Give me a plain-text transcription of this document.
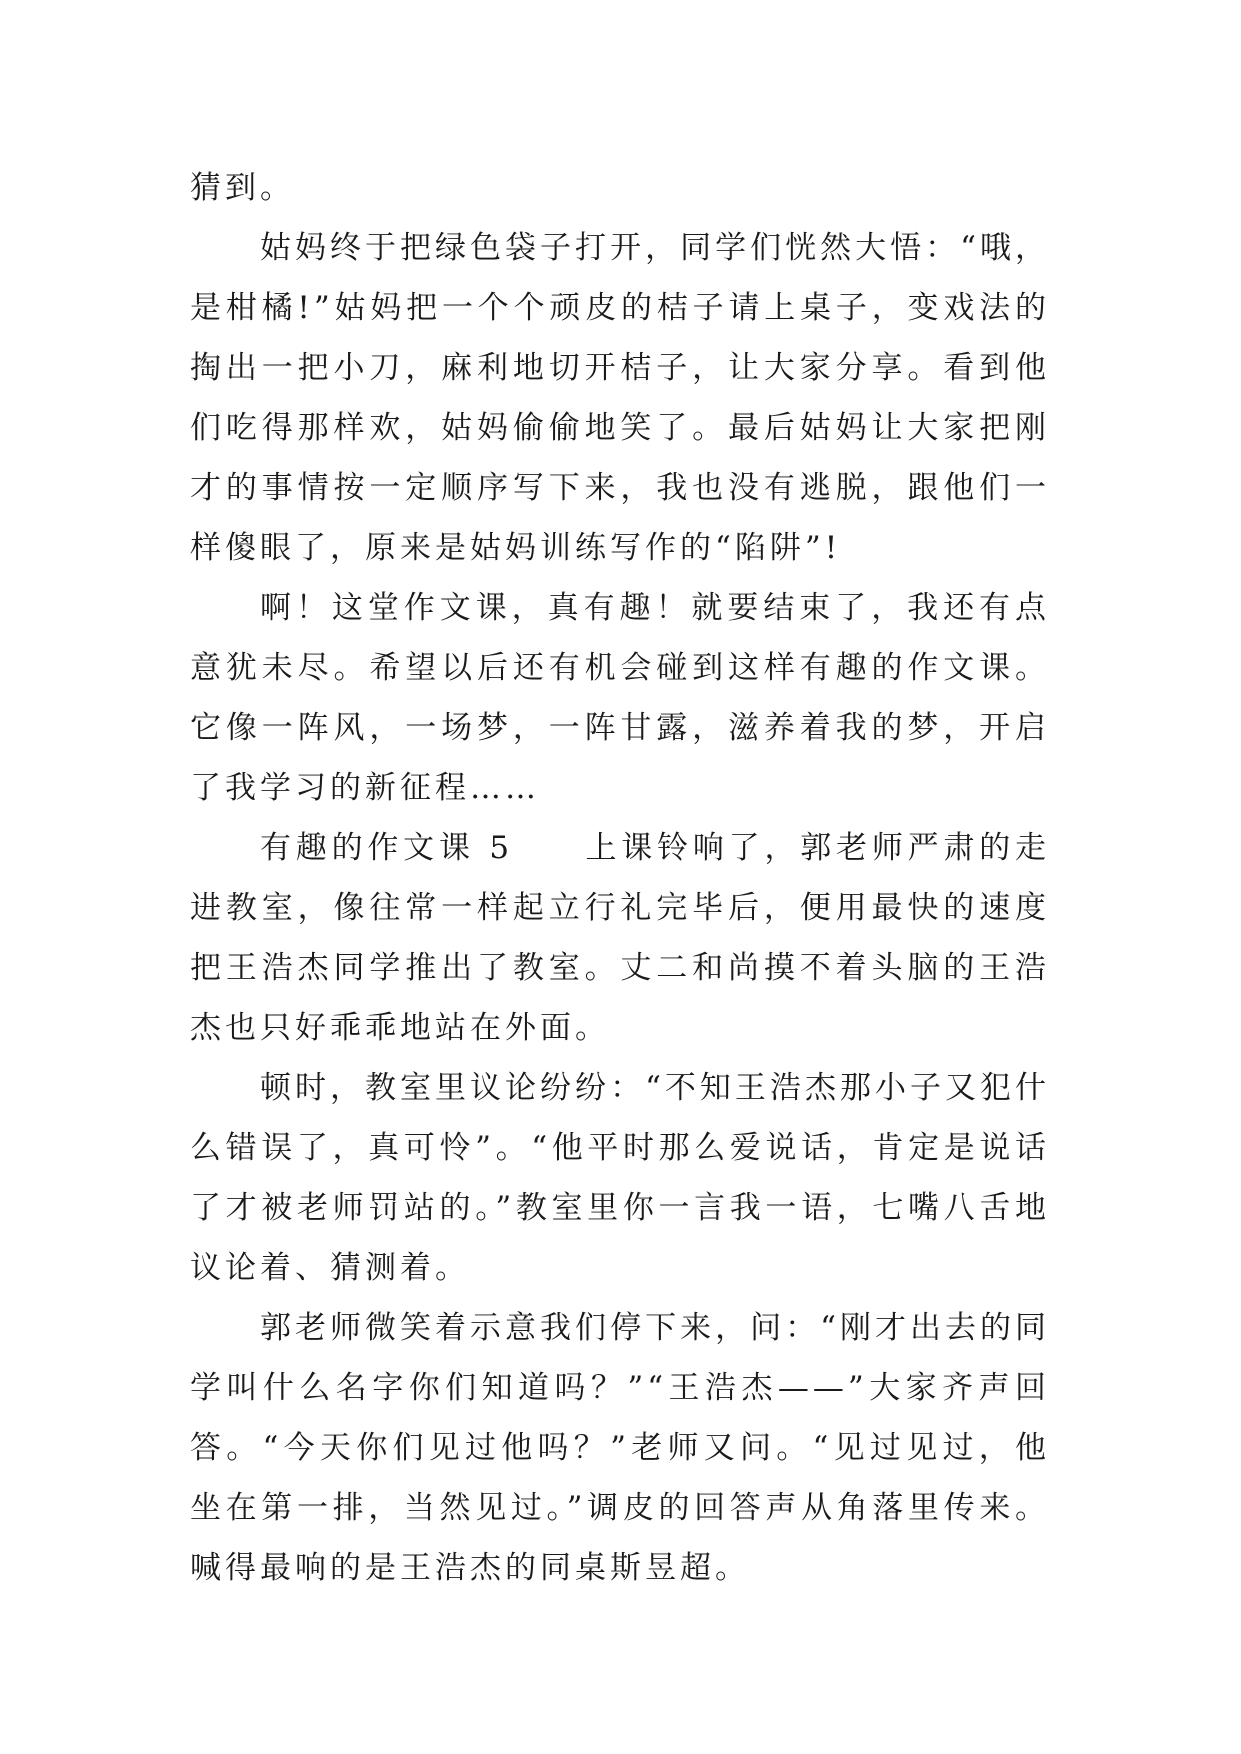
猜到。

姑妈终于把绿色袋子打开，同学们恍然大悟：“哦，是柑橘!”姑妈把一个个顽皮的桔子请上桌子，变戏法的掏出一把小刀，麻利地切开桔子，让大家分享。看到他们吃得那样欢，姑妈偷偷地笑了。最后姑妈让大家把刚才的事情按一定顺序写下来，我也没有逃脱，跟他们一样傻眼了，原来是姑妈训练写作的“陷阱”!

啊！这堂作文课，真有趣！就要结束了，我还有点意犹未尽。希望以后还有机会碰到这样有趣的作文课。它像一阵风，一场梦，一阵甘露，滋养着我的梦，开启了我学习的新征程……

有趣的作文课 5　　上课铃响了，郭老师严肃的走进教室，像往常一样起立行礼完毕后，便用最快的速度把王浩杰同学推出了教室。丈二和尚摸不着头脑的王浩杰也只好乖乖地站在外面。

顿时，教室里议论纷纷：“不知王浩杰那小子又犯什么错误了，真可怜”。“他平时那么爱说话，肯定是说话了才被老师罚站的。”教室里你一言我一语，七嘴八舌地议论着、猜测着。

郭老师微笑着示意我们停下来，问：“刚才出去的同学叫什么名字你们知道吗？”“王浩杰——”大家齐声回答。“今天你们见过他吗？”老师又问。“见过见过，他坐在第一排，当然见过。”调皮的回答声从角落里传来。喊得最响的是王浩杰的同桌斯昱超。
